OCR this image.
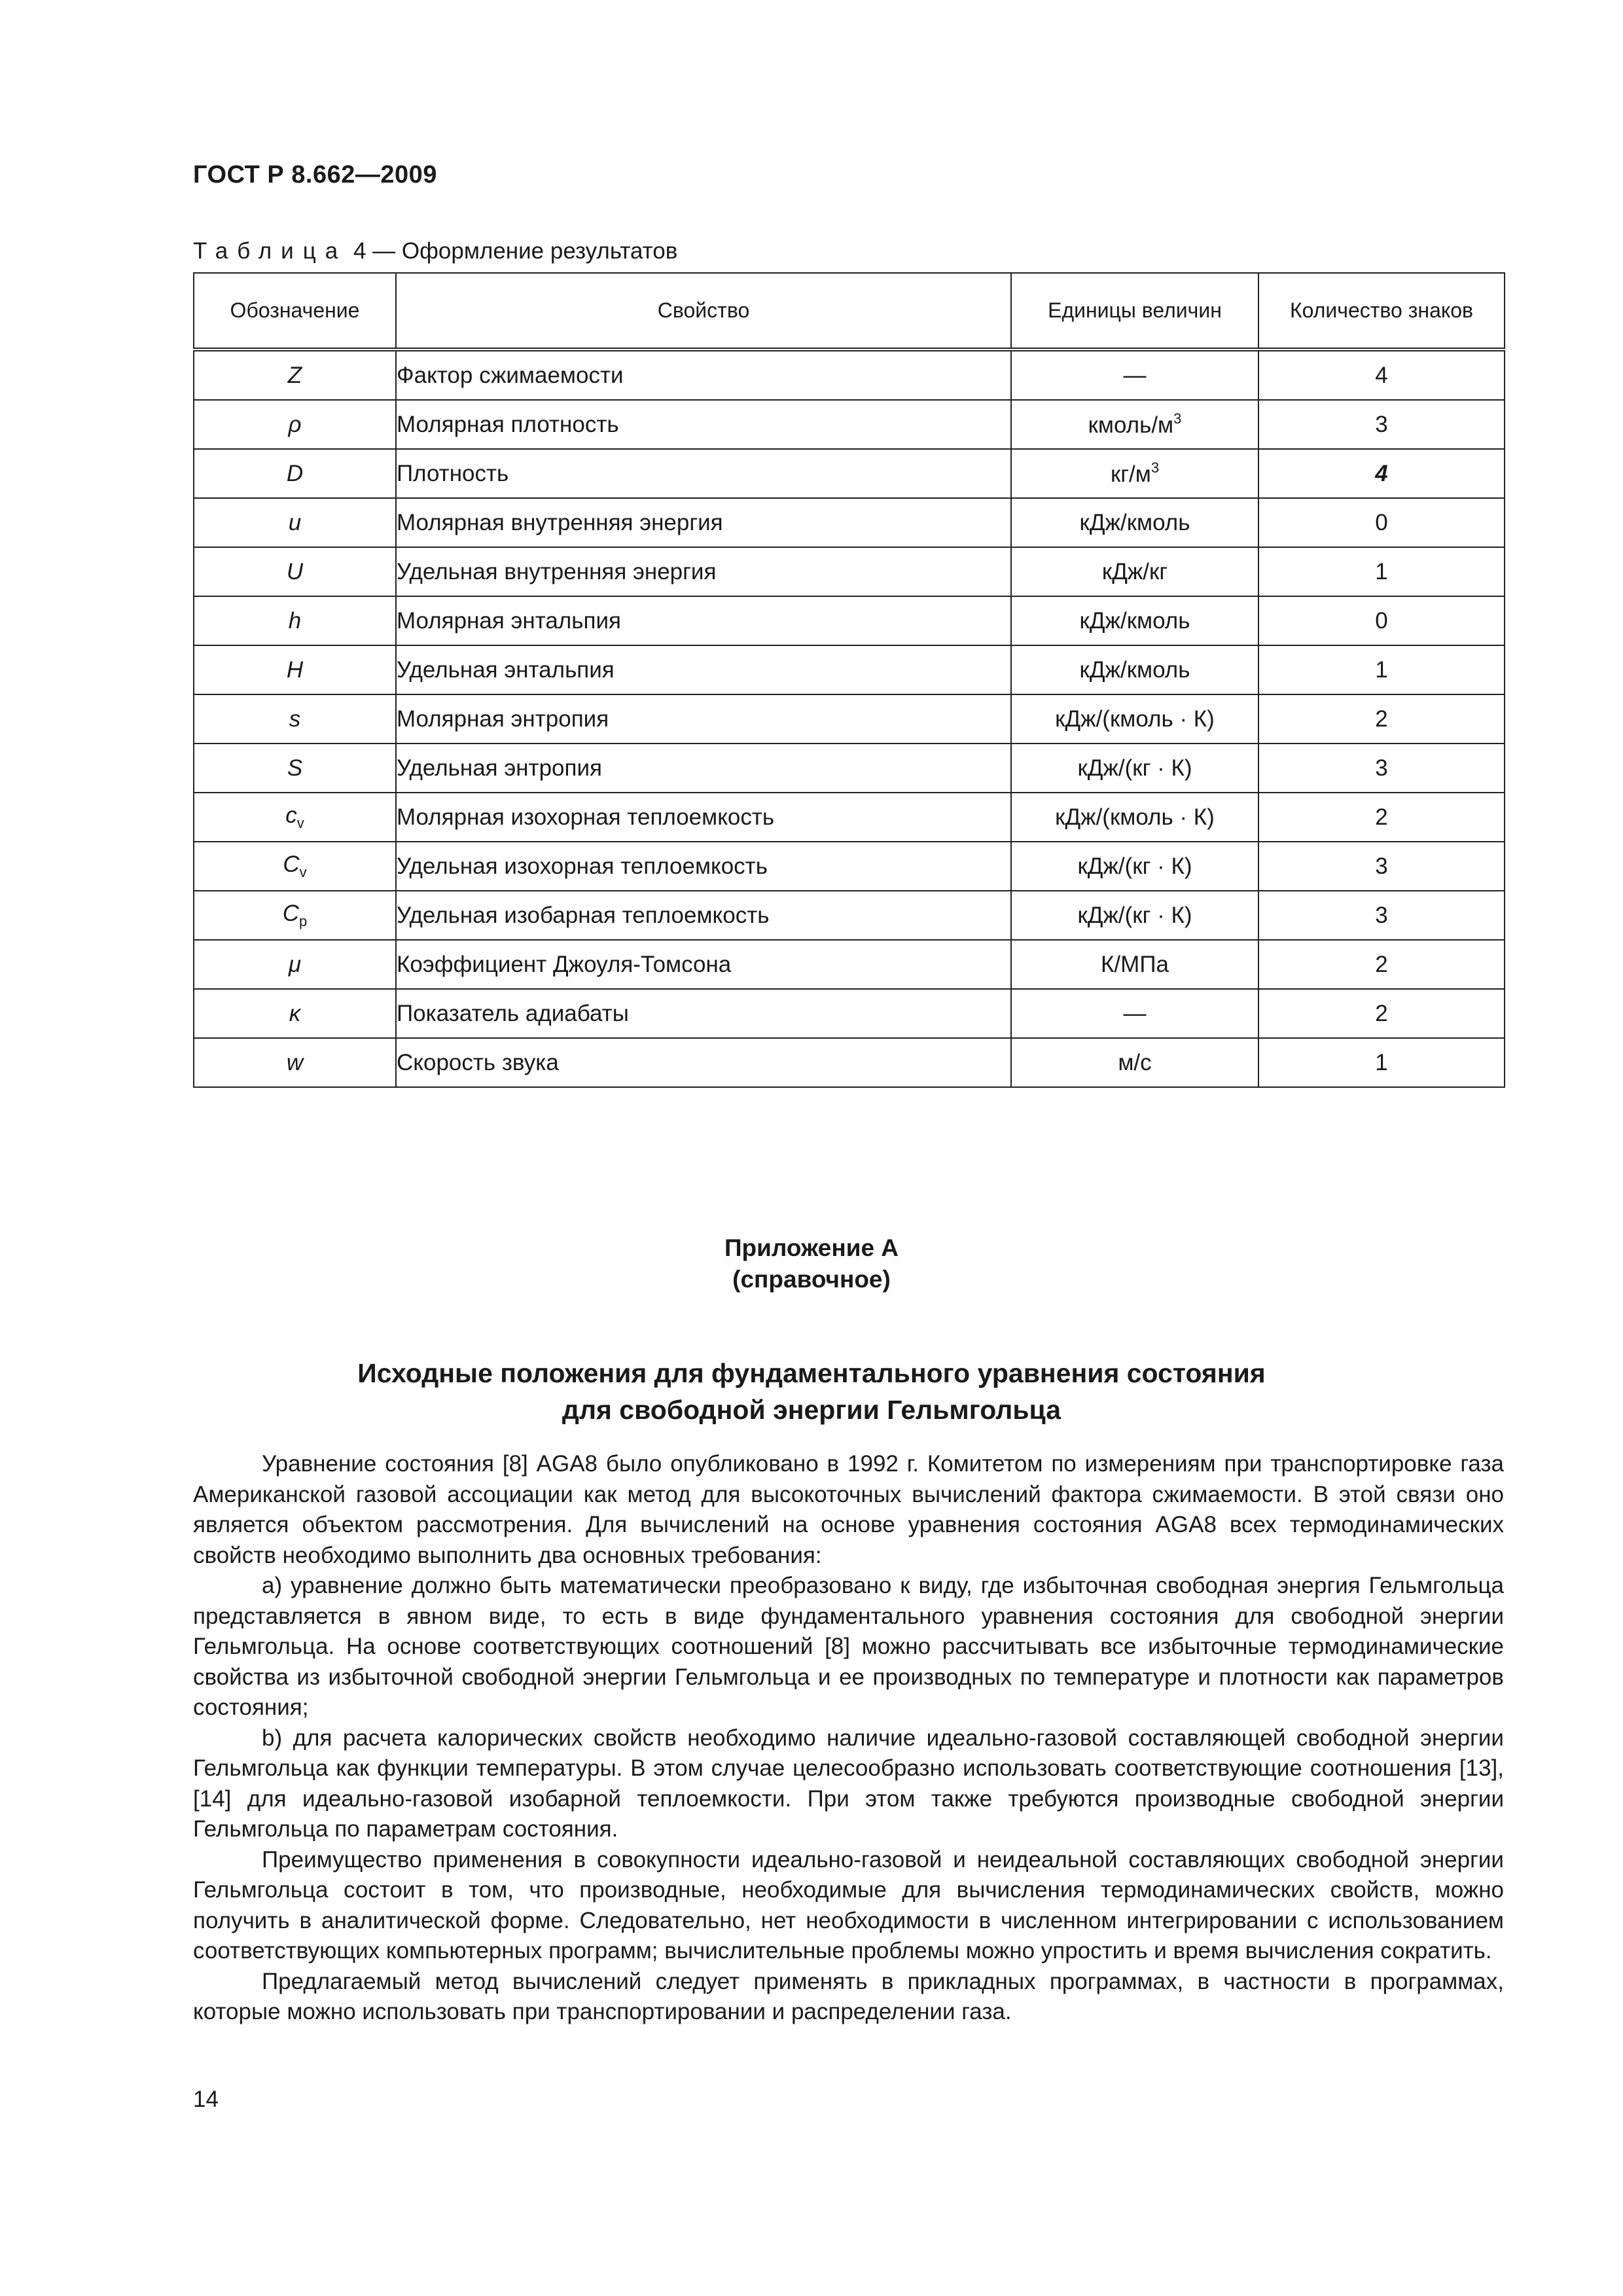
ГОСТ Р 8.662—2009
Таблица 4 — Оформление результатов
Обозначение	Свойство	Единицы величин	Количество знаков
Z	Фактор сжимаемости	—	4
ρ	Молярная плотность	кмоль/$м^3$	3
D	Плотность	$кг/м^3$	4
u	Молярная внутренняя энергия	кДж/кмоль	0
U	Удельная внутренняя энергия	кДж/кг	1
h	Молярная энтальпия	кДж/кмоль	0
H	Удельная энтальпия	кДж/кмоль	1
s	Молярная энтропия	кДж/(кмоль · К)	2
S	Удельная энтропия	кДж/(кг · К)	3
$c_v$	Молярная изохорная теплоемкость	кДж/(кмоль · К)	2
$C_v$	Удельная изохорная теплоемкость	кДж/(кг · К)	3
$C_p$	Удельная изобарная теплоемкость	кДж/(кг · К)	3
μ	Коэффициент Джоуля-Томсона	К/МПа	2
κ	Показатель адиабаты	—	2
w	Скорость звука	м/с	1
Приложение А
(справочное)
Исходные положения для фундаментального уравнения состояния
для свободной энергии Гельмгольца

Уравнение состояния [8] AGA8 было опубликовано в 1992 г. Комитетом по измерениям при транспортировке газа Американской газовой ассоциации как метод для высокоточных вычислений фактора сжимаемости. В этой связи оно является объектом рассмотрения. Для вычислений на основе уравнения состояния AGA8 всех термодинамических свойств необходимо выполнить два основных требования:

а) уравнение должно быть математически преобразовано к виду, где избыточная свободная энергия Гельмгольца представляется в явном виде, то есть в виде фундаментального уравнения состояния для свободной энергии Гельмгольца. На основе соответствующих соотношений [8] можно рассчитывать все избыточные термодинамические свойства из избыточной свободной энергии Гельмгольца и ее производных по температуре и плотности как параметров состояния;

b) для расчета калорических свойств необходимо наличие идеально-газовой составляющей свободной энергии Гельмгольца как функции температуры. В этом случае целесообразно использовать соответствующие соотношения [13], [14] для идеально-газовой изобарной теплоемкости. При этом также требуются производные свободной энергии Гельмгольца по параметрам состояния.

Преимущество применения в совокупности идеально-газовой и неидеальной составляющих свободной энергии Гельмгольца состоит в том, что производные, необходимые для вычисления термодинамических свойств, можно получить в аналитической форме. Следовательно, нет необходимости в численном интегрировании с использованием соответствующих компьютерных программ; вычислительные проблемы можно упростить и время вычисления сократить.

Предлагаемый метод вычислений следует применять в прикладных программах, в частности в программах, которые можно использовать при транспортировании и распределении газа.

14
